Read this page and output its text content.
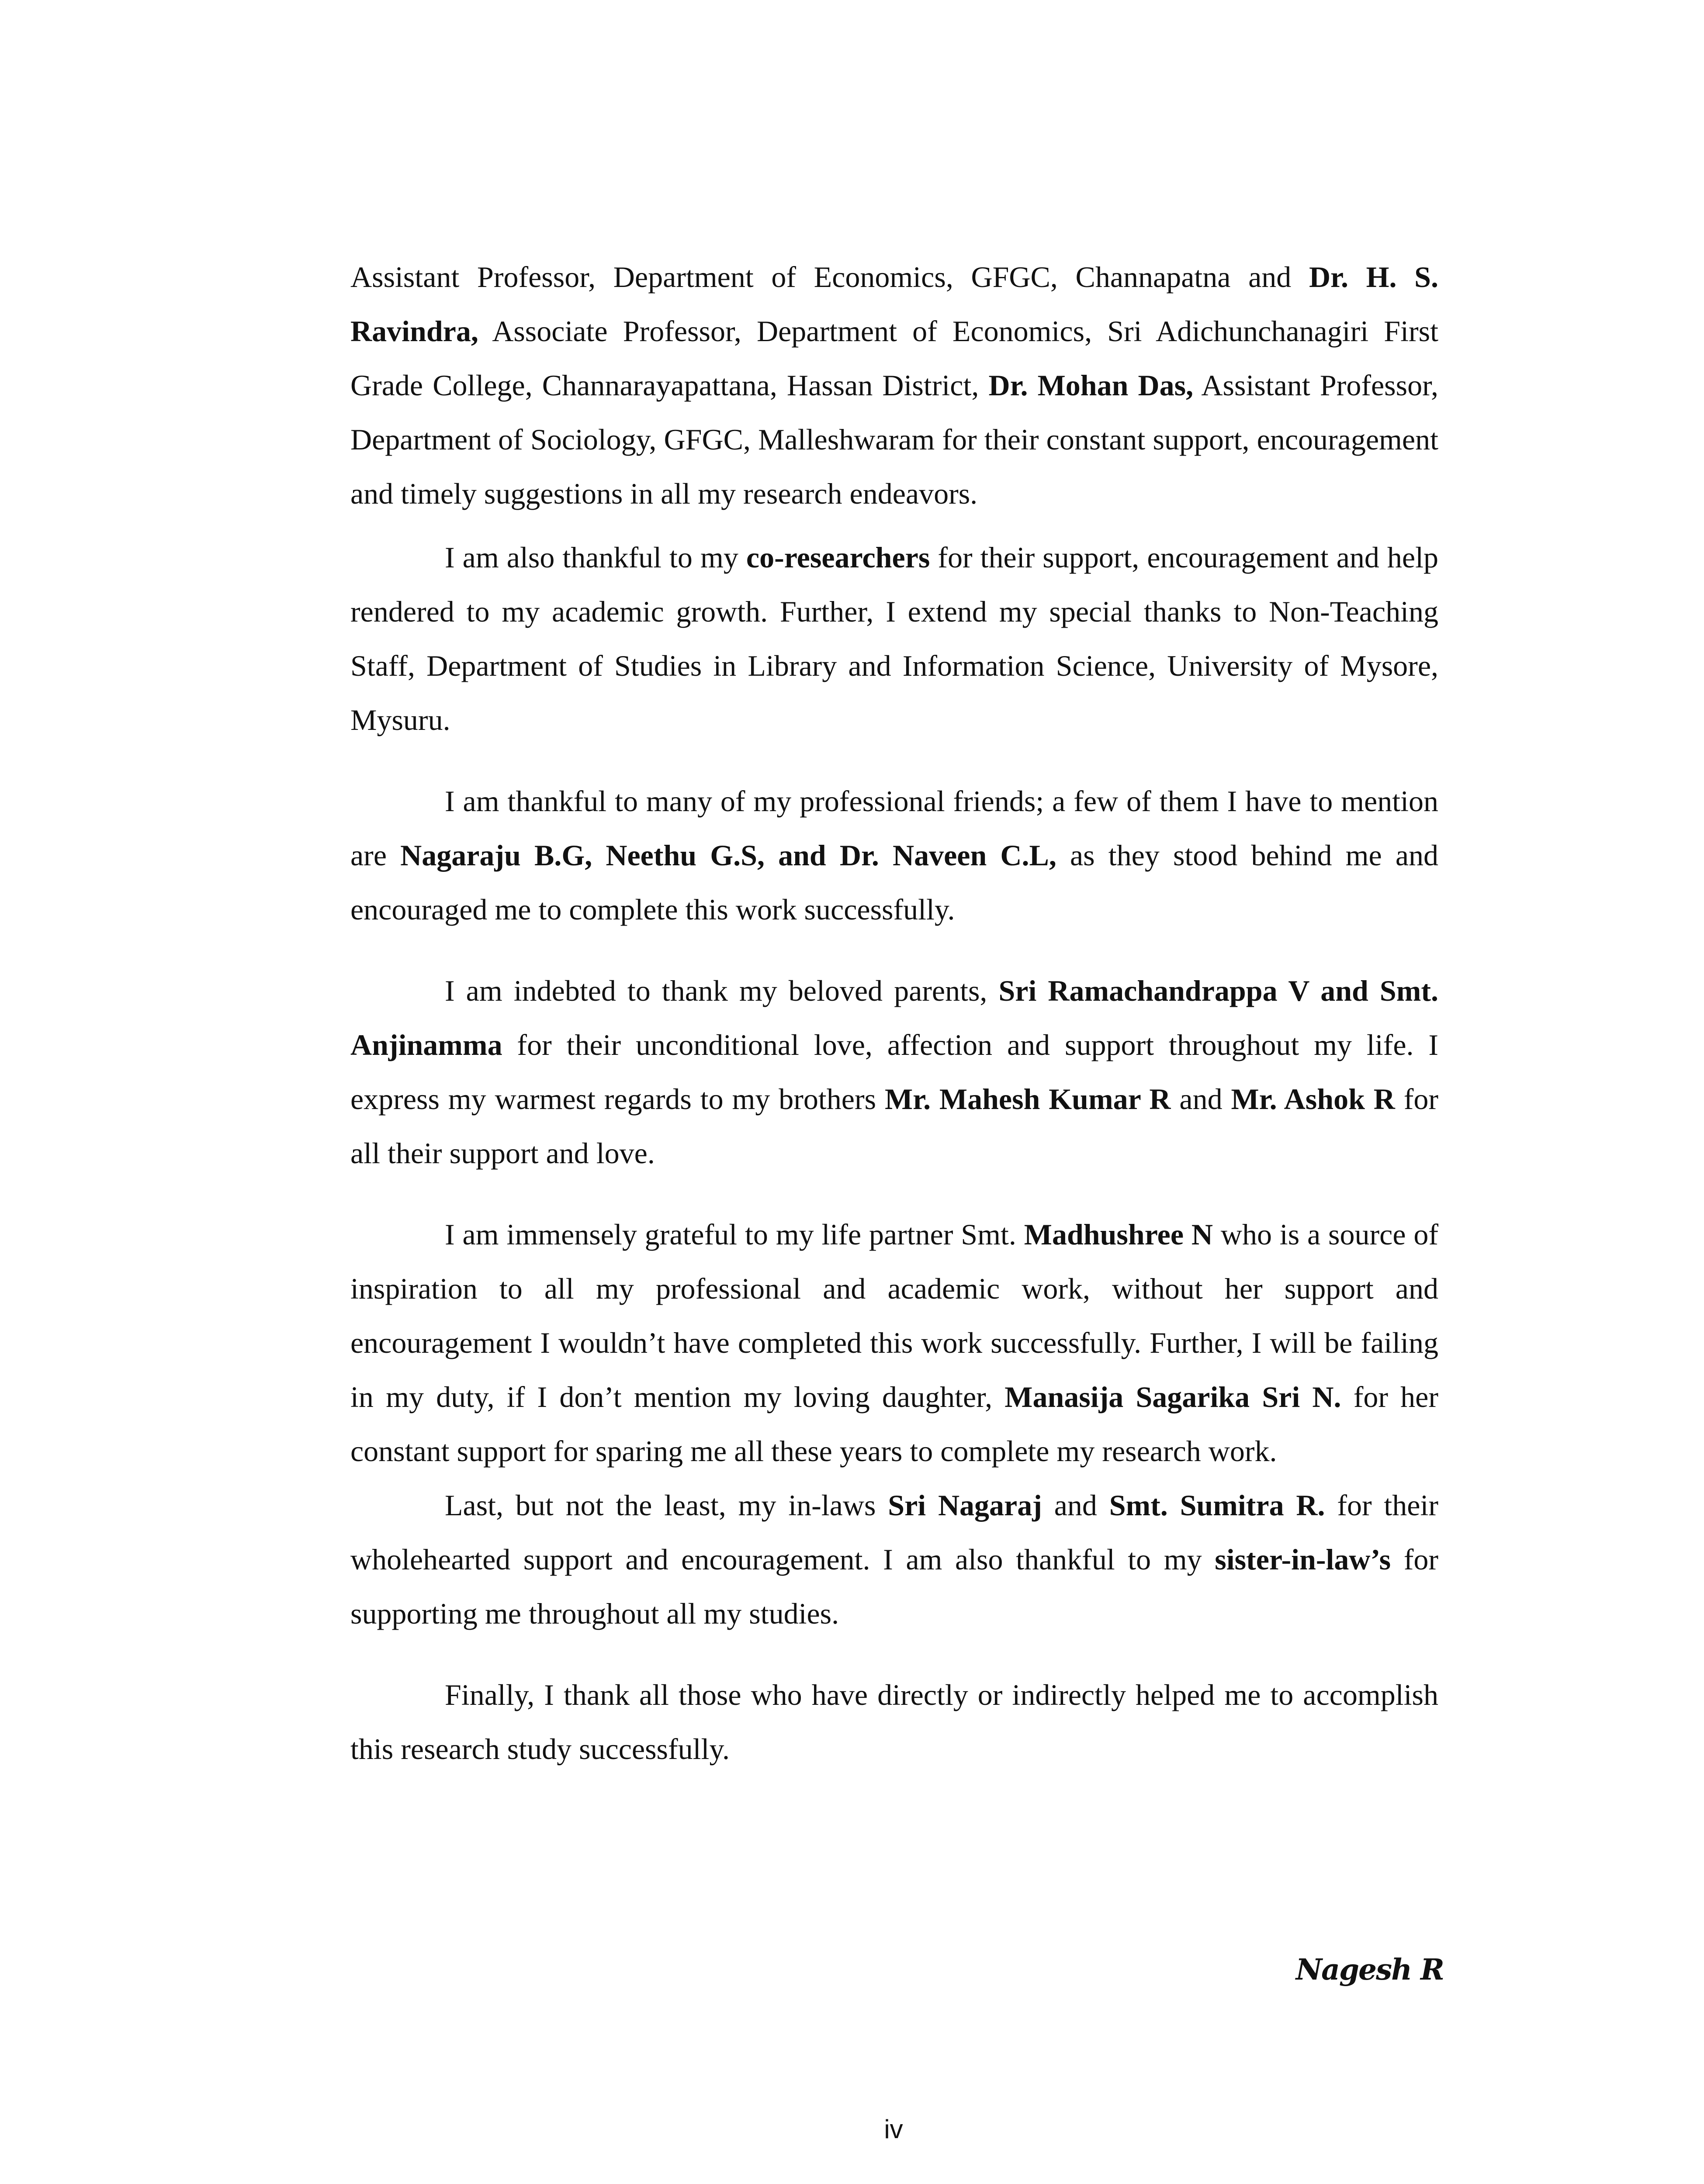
Assistant Professor, Department of Economics, GFGC, Channapatna and Dr. H. S. Ravindra, Associate Professor, Department of Economics, Sri Adichunchanagiri First Grade College, Channarayapattana, Hassan District, Dr. Mohan Das, Assistant Professor, Department of Sociology, GFGC, Malleshwaram for their constant support, encouragement and timely suggestions in all my research endeavors.

I am also thankful to my co-researchers for their support, encouragement and help rendered to my academic growth. Further, I extend my special thanks to Non-Teaching Staff, Department of Studies in Library and Information Science, University of Mysore, Mysuru.

I am thankful to many of my professional friends; a few of them I have to mention are Nagaraju B.G, Neethu G.S, and Dr. Naveen C.L, as they stood behind me and encouraged me to complete this work successfully.

I am indebted to thank my beloved parents, Sri Ramachandrappa V and Smt. Anjinamma for their unconditional love, affection and support throughout my life. I express my warmest regards to my brothers Mr. Mahesh Kumar R and Mr. Ashok R for all their support and love.

I am immensely grateful to my life partner Smt. Madhushree N who is a source of inspiration to all my professional and academic work, without her support and encouragement I wouldn’t have completed this work successfully. Further, I will be failing in my duty, if I don’t mention my loving daughter, Manasija Sagarika Sri N. for her constant support for sparing me all these years to complete my research work.

Last, but not the least, my in-laws Sri Nagaraj and Smt. Sumitra R. for their wholehearted support and encouragement. I am also thankful to my sister-in-law’s for supporting me throughout all my studies.

Finally, I thank all those who have directly or indirectly helped me to accomplish this research study successfully.

Nagesh R
iv
